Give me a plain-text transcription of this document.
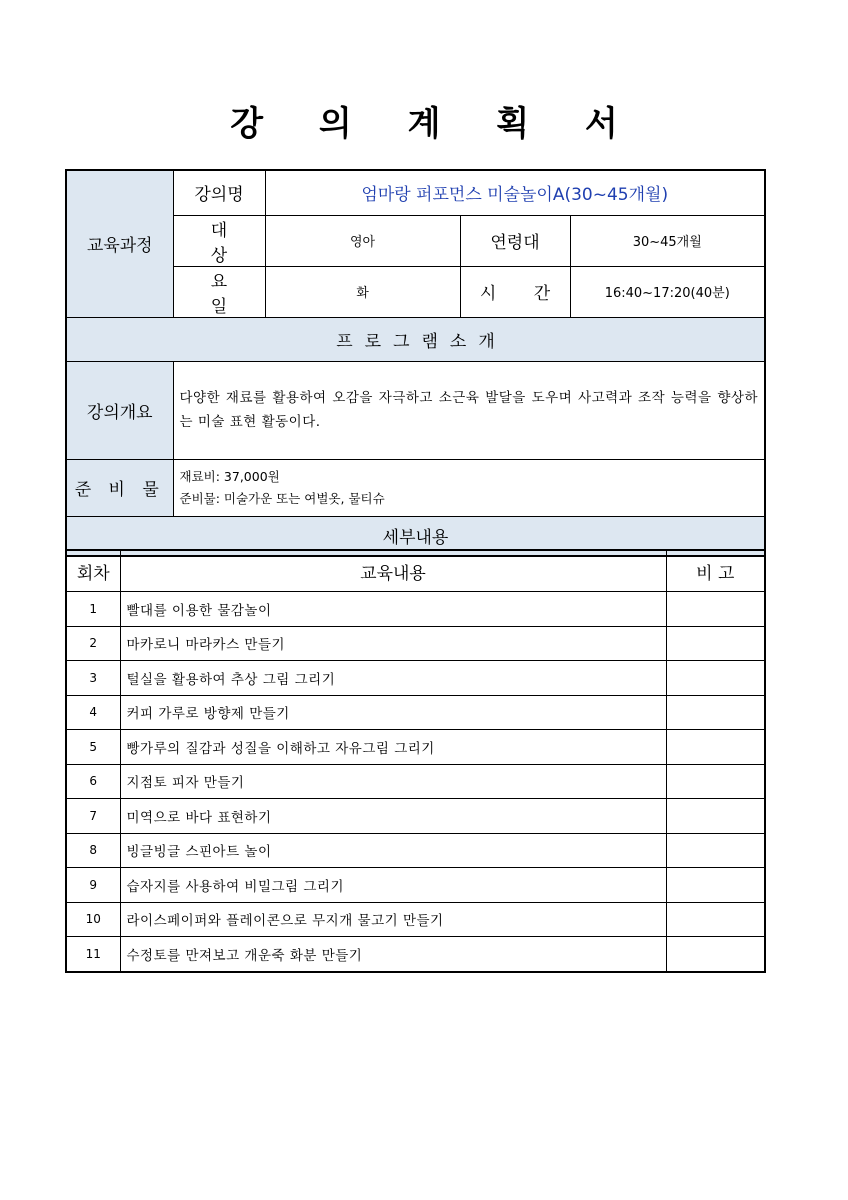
강 의 계 획 서
교육과정	강의명	엄마랑 퍼포먼스 미술놀이A(30~45개월)		
	대 상	영아	연령대	30~45개월
	요 일	화	시 간	16:40~17:20(40분)
프로그램소개				
강의개요	다양한 재료를 활용하여 오감을 자극하고 소근육 발달을 도우며 사고력과 조작 능력을 향상하는 미술 표현 활동이다.			
준 비 물	재료비: 37,000원
준비물: 미술가운 또는 여벌옷, 물티슈			

세부내용				
회차	교육내용	비 고
1	빨대를 이용한 물감놀이	
2	마카로니 마라카스 만들기	
3	털실을 활용하여 추상 그림 그리기	
4	커피 가루로 방향제 만들기	
5	빵가루의 질감과 성질을 이해하고 자유그림 그리기	
6	지점토 피자 만들기	
7	미역으로 바다 표현하기	
8	빙글빙글 스핀아트 놀이	
9	습자지를 사용하여 비밀그림 그리기	
10	라이스페이퍼와 플레이콘으로 무지개 물고기 만들기	
11	수정토를 만져보고 개운죽 화분 만들기	
